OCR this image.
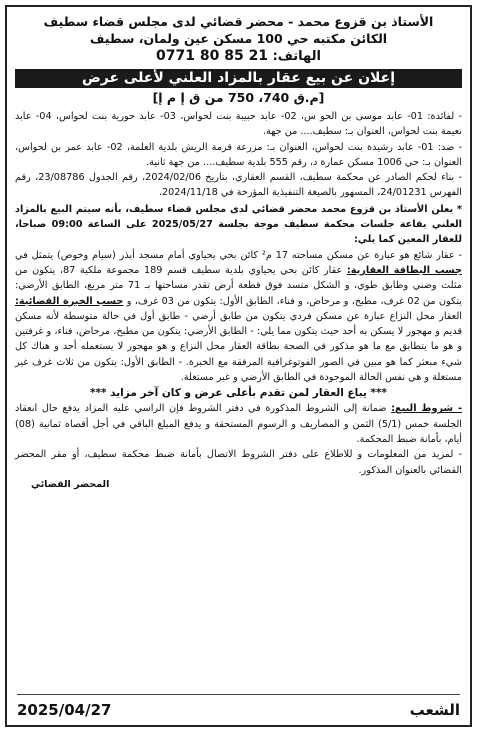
الأستاذ بن قزوع محمد - محضر قضائي لدى مجلس قضاء سطيف
الكائن مكتبه حي 100 مسكن عين ولمان، سطيف
الهاتف: 0771 80 85 21
إعلان عن بيع عقار بالمزاد العلني لأعلى عرض
[م.ق 740، 750 من ق إ م إ]

- لفائدة: 01- عابد موسى بن الحو س، 02- عابد حبيبة بنت لحواس، 03- عابد حورية بنت لحواس، 04- عابد نعيمة بنت لحواس، العنوان بـ: سطيف.... من جهة.

- ضد: 01- عابد رشيدة بنت لحواس، العنوان بـ: مزرعة قرمة الريش بلدية العلمة، 02- عابد عمر بن لحواس، العنوان بـ: حي 1006 مسكن عمارة د، رقم 555 بلدية سطيف.... من جهة ثانية.

- بناء لحكم الصادر عن محكمة سطيف، القسم العقاري، بتاريخ 2024/02/06، رقم الجدول 23/08786، رقم الفهرس 24/01231، المسهور بالصيغة التنفيذية المؤرخة في 2024/11/18.

* يعلن الأستاذ بن قزوع محمد محضر قضائي لدى مجلس قضاء سطيف، بأنه سيتم البيع بالمزاد العلني بقاعة جلسات محكمة سطيف موجة بجلسة 2025/05/27 على الساعة 09:00 صباحا، للعقار المعين كما يلي:

- عقار شائع هو عبارة عن مسكن مساحته 17 م² كائن بحي يحياوي أمام مسجد أبذر (سيام وخوص) يتمثل في جسب البطاقة العقارية: عقار كائن بحي يحياوي بلدية سطيف قسم 189 مجموعة ملكية 87، يتكون من مثلث وضني وطابق طوي، و الشكل متسد فوق قطعة أرض تقدر مساحتها بـ 71 متر مربع، الطابق الأرضي: يتكون من 02 غرف، مطبخ، و مرحاض، و فناء، الطابق الأول: يتكون من 03 غرف، و حسب الخبرة القضائية: العقار محل النزاع عبارة عن مسكن فردي يتكون من طابق أرضي - طابق أول في حالة متوسطة لأنه مسكن قديم و مهجور لا يسكن به أحد حيث يتكون مما يلي: - الطابق الأرضي: يتكون من مطبخ، مرحاض، فناء، و غرفتين و هو ما يتطابق مع ما هو مذكور في الصحة بطاقة العقار محل النزاع و هو مهجور لا يستعمله أحد و هناك كل شيء مبعثر كما هو مبين في الصور الفوتوغرافية المرفقة مع الخبرة. - الطابق الأول: يتكون من ثلاث غرف غير مستغلة و هي نفس الحالة الموجودة في الطابق الأرضي و غير مستغلة.

*** يباع العقار لمن تقدم بأعلى عرض و كان آخر مزايد ***

- شروط البيع: ضمانة إلى الشروط المذكورة في دفتر الشروط فإن الراسي عليه المزاد يدفع حال انعقاد الجلسة خمس (5/1) الثمن و المصاريف و الرسوم المستحقة و يدفع المبلغ الباقي في أجل أقصاه ثمانية (08) أيام، بأمانة ضبط المحكمة.

- لمزيد من المعلومات و للاطلاع على دفتر الشروط الاتصال بأمانة ضبط محكمة سطيف، أو مقر المحضر القضائي بالعنوان المذكور.

المحضر القضائي
الشعب
2025/04/27
